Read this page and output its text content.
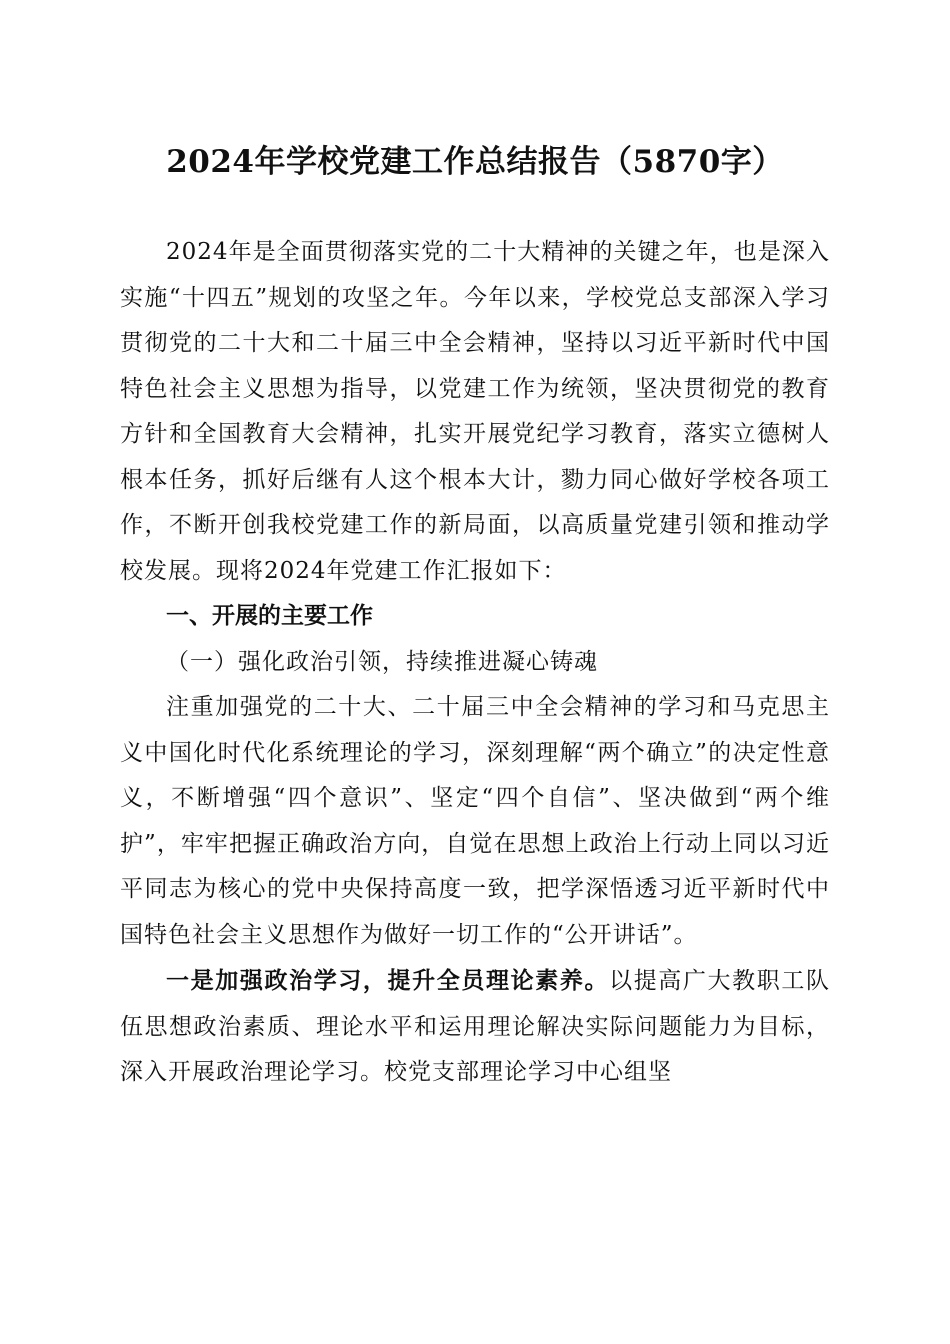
2024年学校党建工作总结报告（5870字）

2024年是全面贯彻落实党的二十大精神的关键之年，也是深入实施“十四五”规划的攻坚之年。今年以来，学校党总支部深入学习贯彻党的二十大和二十届三中全会精神，坚持以习近平新时代中国特色社会主义思想为指导，以党建工作为统领，坚决贯彻党的教育方针和全国教育大会精神，扎实开展党纪学习教育，落实立德树人根本任务，抓好后继有人这个根本大计，勠力同心做好学校各项工作，不断开创我校党建工作的新局面，以高质量党建引领和推动学校发展。现将2024年党建工作汇报如下：

一、开展的主要工作

（一）强化政治引领，持续推进凝心铸魂

注重加强党的二十大、二十届三中全会精神的学习和马克思主义中国化时代化系统理论的学习，深刻理解“两个确立”的决定性意义，不断增强“四个意识”、坚定“四个自信”、坚决做到“两个维护”，牢牢把握正确政治方向，自觉在思想上政治上行动上同以习近平同志为核心的党中央保持高度一致，把学深悟透习近平新时代中国特色社会主义思想作为做好一切工作的“公开讲话”。

一是加强政治学习，提升全员理论素养。以提高广大教职工队伍思想政治素质、理论水平和运用理论解决实际问题能力为目标，深入开展政治理论学习。校党支部理论学习中心组坚
